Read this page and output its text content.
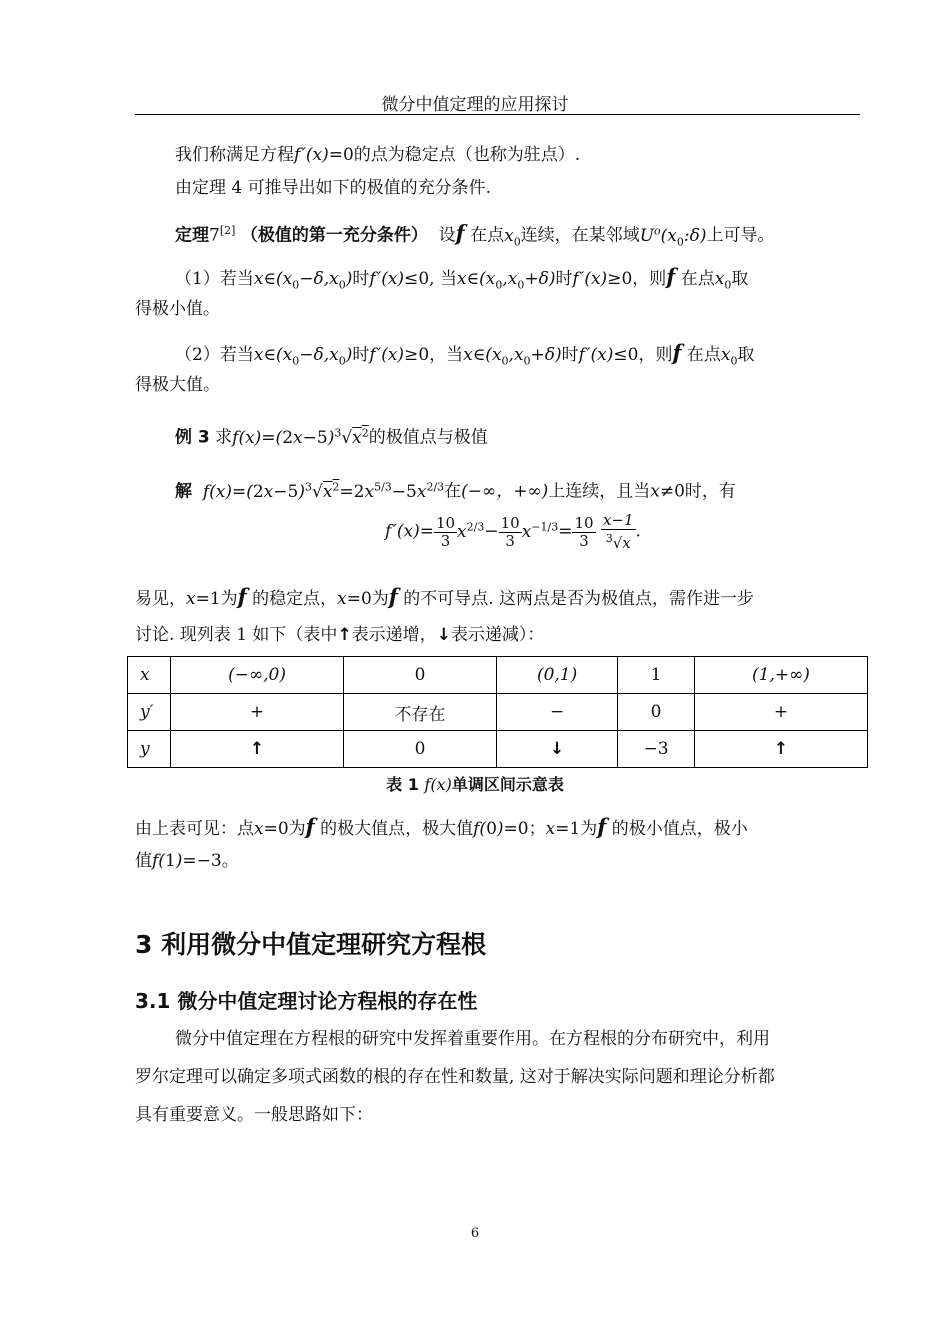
微分中值定理的应用探讨
我们称满足方程f ′(x)=0的点为稳定点（也称为驻点）.
由定理 4 可推导出如下的极值的充分条件.
定理7[2] （极值的第一充分条件） 设f 在点$x_0$连续，在某邻域$U^o(x_0:\delta)$上可导。
（1）若当$x\in(x_0-\delta,x_0)$时f ′(x)≤0, 当$x\in(x_0,x_0+\delta)$时f ′(x)≥0，则f 在点$x_0$取
得极小值。
（2）若当$x\in(x_0-\delta,x_0)$时f ′(x)≥0，当$x\in(x_0,x_0+\delta)$时f ′(x)≤0，则f 在点$x_0$取
得极大值。
例 3 求$f(x)=(2x-5)^3√x^2$的极值点与极值
解 $f(x)=(2x-5)^3√x^2=2x^{5/3}-5x^{2/3}$在(−∞，+∞)上连续，且当x≠0时，有
f $'(x)= \frac{10}{3} x^{2/3}- \frac{10}{3} x^{-1/3}= \frac{10}{3}$
$\frac{x-1}{^3√x}$ .
易见，x=1为f 的稳定点，x=0为f 的不可导点. 这两点是否为极值点，需作进一步
讨论. 现列表 1 如下（表中↑表示递增，↓表示递减）：
x	(−∞,0)	0	(0,1)	1	(1,+∞)
y′	+	不存在	−	0	+
y	↑	0	↓	−3	↑
表 1 f(x)单调区间示意表
由上表可见：点x=0为f 的极大值点，极大值f(0)=0；x=1为f 的极小值点，极小
值f(1)=−3。
3 利用微分中值定理研究方程根
3.1 微分中值定理讨论方程根的存在性
微分中值定理在方程根的研究中发挥着重要作用。在方程根的分布研究中，利用
罗尔定理可以确定多项式函数的根的存在性和数量, 这对于解决实际问题和理论分析都
具有重要意义。一般思路如下：
6
